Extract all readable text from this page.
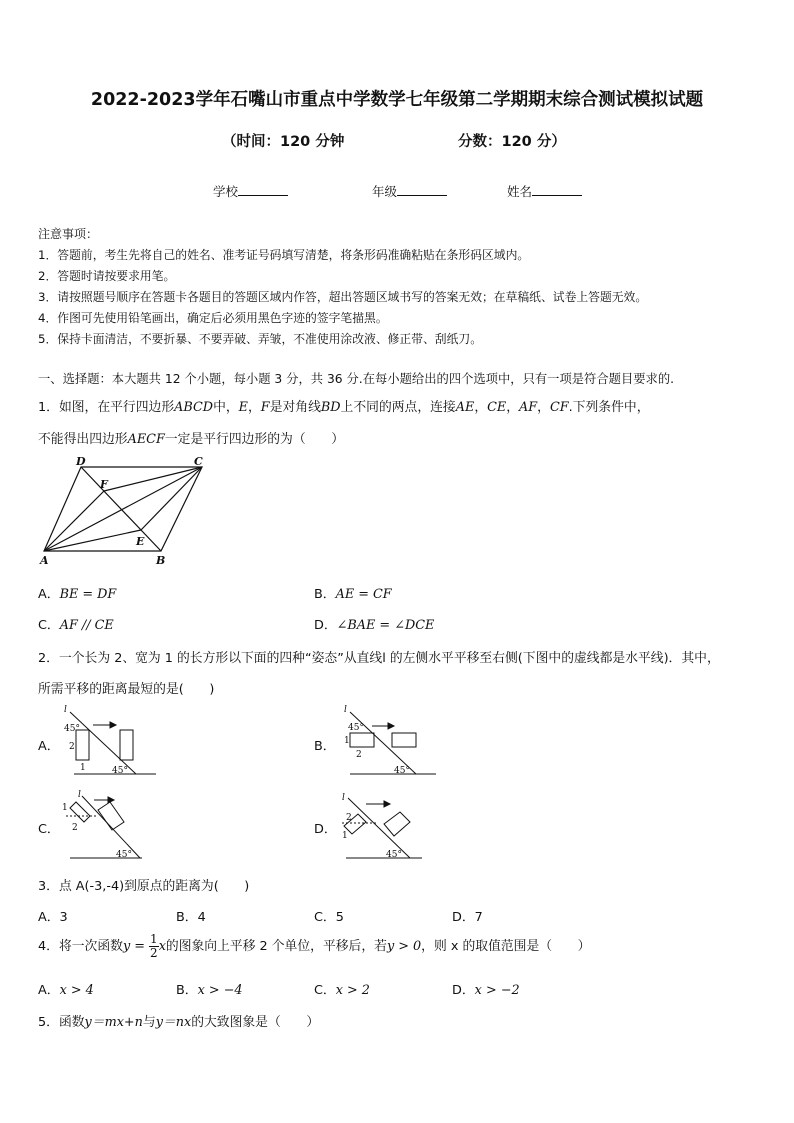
2022-2023学年石嘴山市重点中学数学七年级第二学期期末综合测试模拟试题
（时间：120 分钟	分数：120 分）
学校	年级	姓名
注意事项：
1．答题前，考生先将自己的姓名、准考证号码填写清楚，将条形码准确粘贴在条形码区域内。
2．答题时请按要求用笔。
3．请按照题号顺序在答题卡各题目的答题区域内作答，超出答题区域书写的答案无效；在草稿纸、试卷上答题无效。
4．作图可先使用铅笔画出，确定后必须用黑色字迹的签字笔描黑。
5．保持卡面清洁，不要折暴、不要弄破、弄皱，不准使用涂改液、修正带、刮纸刀。
一、选择题：本大题共 12 个小题，每小题 3 分，共 36 分.在每小题给出的四个选项中，只有一项是符合题目要求的.
1．如图，在平行四边形ABCD中，E，F是对角线BD上不同的两点，连接AE，CE，AF，CF.下列条件中，
不能得出四边形AECF一定是平行四边形的为（　　）
D	C
F
E
A	B
A．BE = DF	B．AE = CF
C．AF // CE	D．∠BAE = ∠DCE
2．一个长为 2、宽为 1 的长方形以下面的四种“姿态”从直线l 的左侧水平平移至右侧(下图中的虚线都是水平线)．其中，
所需平移的距离最短的是(　　)
A．
l
45°
2
1	45°
B．
l
45°
1
2
45°
C．
l
1
2
45°
D．
l
2
1
45°
3．点 A(-3,-4)到原点的距离为(　　)
A．3	B．4	C．5	D．7
4．将一次函数$y = \frac{1}{2}$ x的图象向上平移 2 个单位，平移后，若y > 0，则 x 的取值范围是（　　）
A．x > 4	B．x > −4	C．x > 2	D．x > −2
5．函数y＝mx+n与y＝nx的大致图象是（　　）
